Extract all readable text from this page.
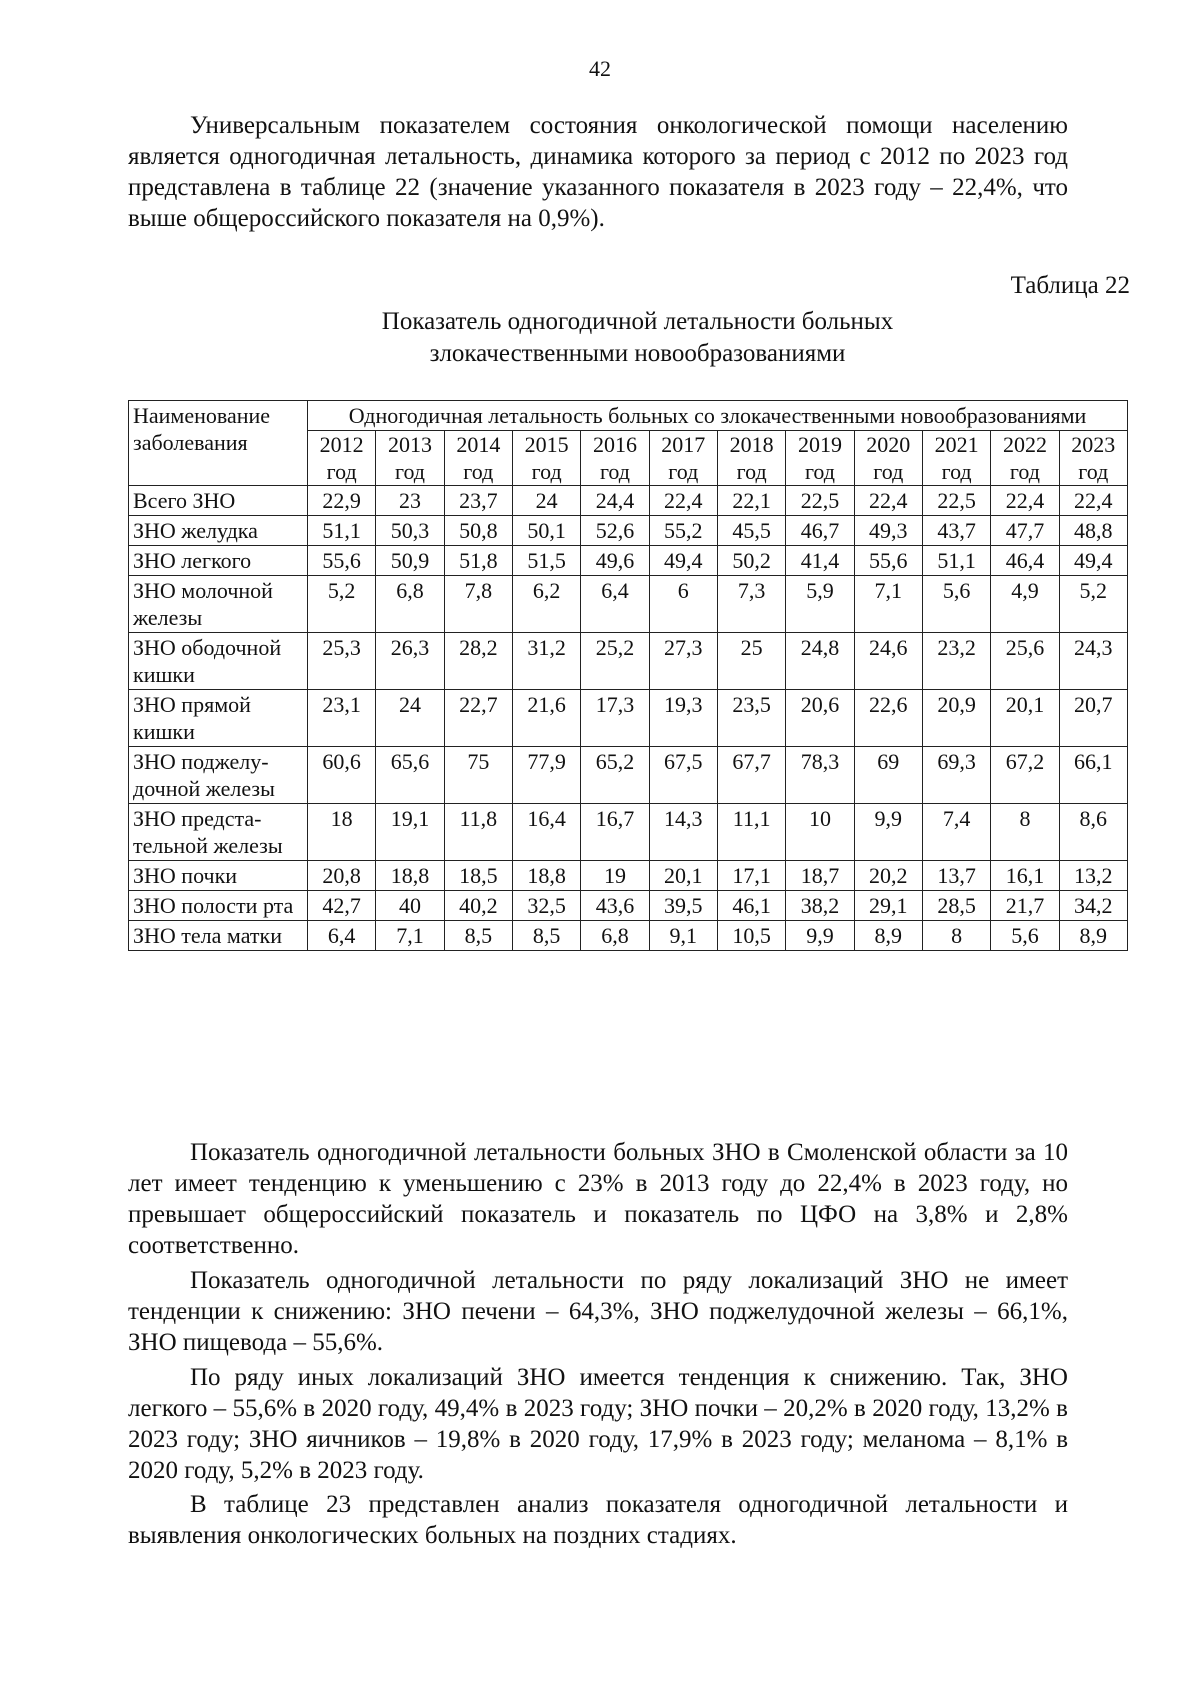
42

Универсальным показателем состояния онкологической помощи населению является одногодичная летальность, динамика которого за период с 2012 по 2023 год представлена в таблице 22 (значение указанного показателя в 2023 году – 22,4%, что выше общероссийского показателя на 0,9%).

Таблица 22
Показатель одногодичной летальности больных
злокачественными новообразованиями
Наименование заболевания	Одногодичная летальность больных со злокачественными новообразованиями											
	2012 год	2013 год	2014 год	2015 год	2016 год	2017 год	2018 год	2019 год	2020 год	2021 год	2022 год	2023 год
Всего ЗНО	22,9	23	23,7	24	24,4	22,4	22,1	22,5	22,4	22,5	22,4	22,4
ЗНО желудка	51,1	50,3	50,8	50,1	52,6	55,2	45,5	46,7	49,3	43,7	47,7	48,8
ЗНО легкого	55,6	50,9	51,8	51,5	49,6	49,4	50,2	41,4	55,6	51,1	46,4	49,4
ЗНО молочной железы	5,2	6,8	7,8	6,2	6,4	6	7,3	5,9	7,1	5,6	4,9	5,2
ЗНО ободочной кишки	25,3	26,3	28,2	31,2	25,2	27,3	25	24,8	24,6	23,2	25,6	24,3
ЗНО прямой кишки	23,1	24	22,7	21,6	17,3	19,3	23,5	20,6	22,6	20,9	20,1	20,7
ЗНО поджелу-дочной железы	60,6	65,6	75	77,9	65,2	67,5	67,7	78,3	69	69,3	67,2	66,1
ЗНО предста-тельной железы	18	19,1	11,8	16,4	16,7	14,3	11,1	10	9,9	7,4	8	8,6
ЗНО почки	20,8	18,8	18,5	18,8	19	20,1	17,1	18,7	20,2	13,7	16,1	13,2
ЗНО полости рта	42,7	40	40,2	32,5	43,6	39,5	46,1	38,2	29,1	28,5	21,7	34,2
ЗНО тела матки	6,4	7,1	8,5	8,5	6,8	9,1	10,5	9,9	8,9	8	5,6	8,9

Показатель одногодичной летальности больных ЗНО в Смоленской области за 10 лет имеет тенденцию к уменьшению с 23% в 2013 году до 22,4% в 2023 году, но превышает общероссийский показатель и показатель по ЦФО на 3,8% и 2,8% соответственно.

Показатель одногодичной летальности по ряду локализаций ЗНО не имеет тенденции к снижению: ЗНО печени – 64,3%, ЗНО поджелудочной железы – 66,1%, ЗНО пищевода – 55,6%.

По ряду иных локализаций ЗНО имеется тенденция к снижению. Так, ЗНО легкого – 55,6% в 2020 году, 49,4% в 2023 году; ЗНО почки – 20,2% в 2020 году, 13,2% в 2023 году; ЗНО яичников – 19,8% в 2020 году, 17,9% в 2023 году; меланома – 8,1% в 2020 году, 5,2% в 2023 году.

В таблице 23 представлен анализ показателя одногодичной летальности и выявления онкологических больных на поздних стадиях.
